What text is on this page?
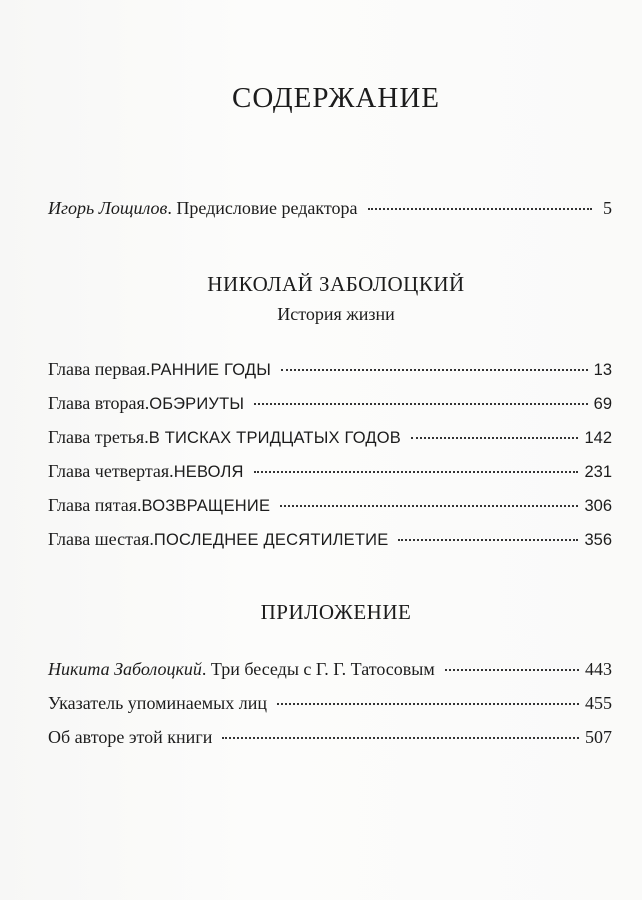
СОДЕРЖАНИЕ
Игорь Лощилов . Предисловие редактора	5
НИКОЛАЙ ЗАБОЛОЦКИЙ
История жизни
Глава первая. РАННИЕ ГОДЫ	13
Глава вторая. ОБЭРИУТЫ	69
Глава третья. В ТИСКАХ ТРИДЦАТЫХ ГОДОВ	142
Глава четвертая. НЕВОЛЯ	231
Глава пятая. ВОЗВРАЩЕНИЕ	306
Глава шестая. ПОСЛЕДНЕЕ ДЕСЯТИЛЕТИЕ	356
ПРИЛОЖЕНИЕ
Никита Заболоцкий . Три беседы с Г. Г. Татосовым	443
Указатель упоминаемых лиц	455
Об авторе этой книги	507
